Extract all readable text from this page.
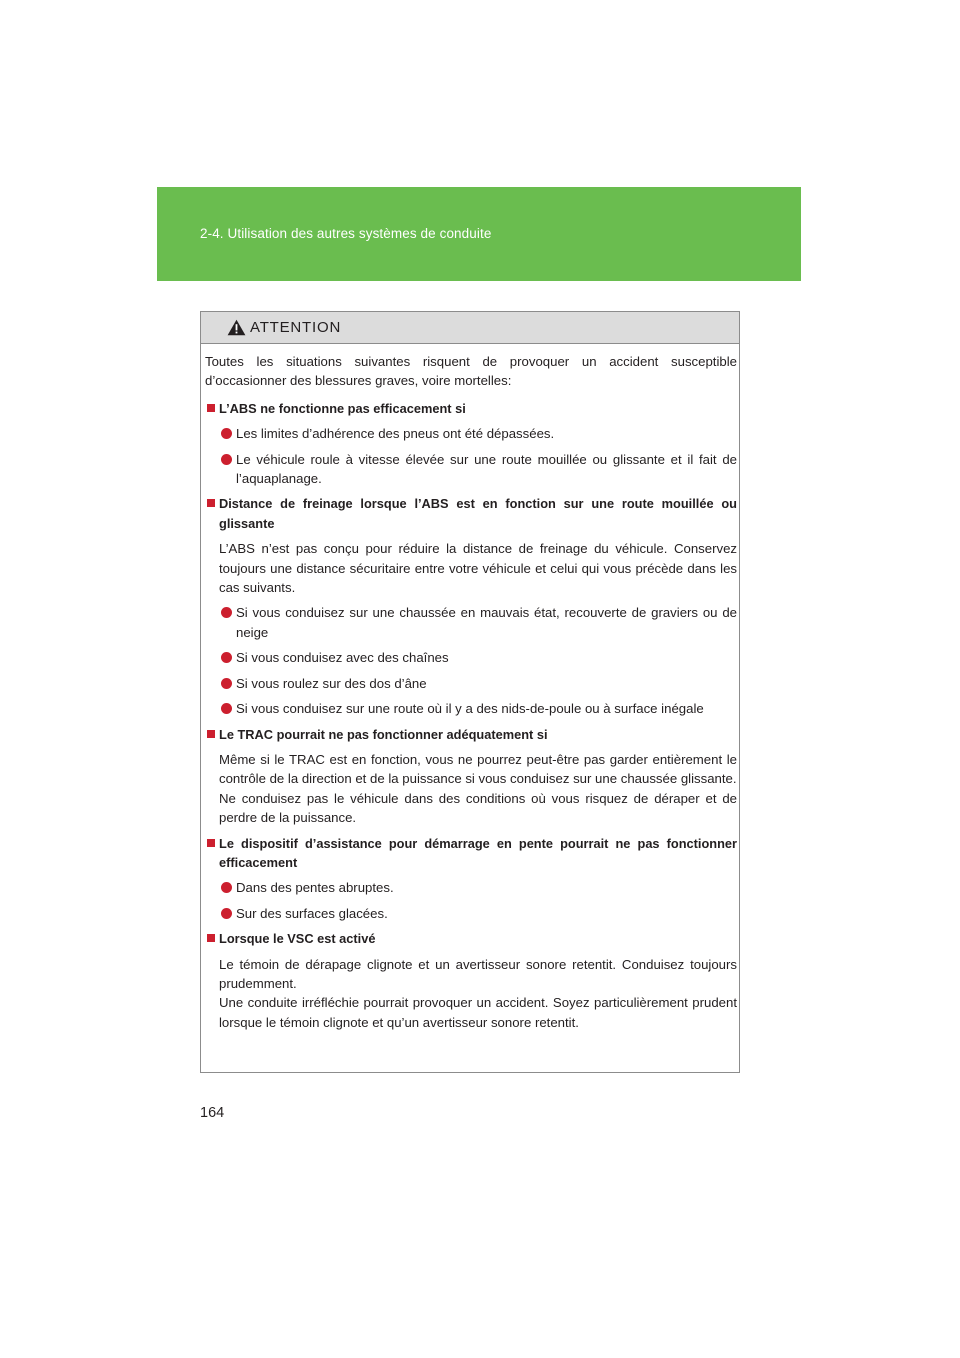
2-4. Utilisation des autres systèmes de conduite
ATTENTION

Toutes les situations suivantes risquent de provoquer un accident susceptible d’occasionner des blessures graves, voire mortelles:

L’ABS ne fonctionne pas efficacement si

Les limites d’adhérence des pneus ont été dépassées.

Le véhicule roule à vitesse élevée sur une route mouillée ou glissante et il fait de l’aquaplanage.

Distance de freinage lorsque l’ABS est en fonction sur une route mouillée ou glissante

L’ABS n’est pas conçu pour réduire la distance de freinage du véhicule. Conservez toujours une distance sécuritaire entre votre véhicule et celui qui vous précède dans les cas suivants.

Si vous conduisez sur une chaussée en mauvais état, recouverte de graviers ou de neige

Si vous conduisez avec des chaînes

Si vous roulez sur des dos d’âne

Si vous conduisez sur une route où il y a des nids-de-poule ou à surface inégale

Le TRAC pourrait ne pas fonctionner adéquatement si

Même si le TRAC est en fonction, vous ne pourrez peut-être pas garder entièrement le contrôle de la direction et de la puissance si vous conduisez sur une chaussée glissante.

Ne conduisez pas le véhicule dans des conditions où vous risquez de déraper et de perdre de la puissance.

Le dispositif d’assistance pour démarrage en pente pourrait ne pas fonctionner efficacement

Dans des pentes abruptes.

Sur des surfaces glacées.

Lorsque le VSC est activé

Le témoin de dérapage clignote et un avertisseur sonore retentit. Conduisez toujours prudemment.

Une conduite irréfléchie pourrait provoquer un accident. Soyez particulièrement prudent lorsque le témoin clignote et qu’un avertisseur sonore retentit.

164
